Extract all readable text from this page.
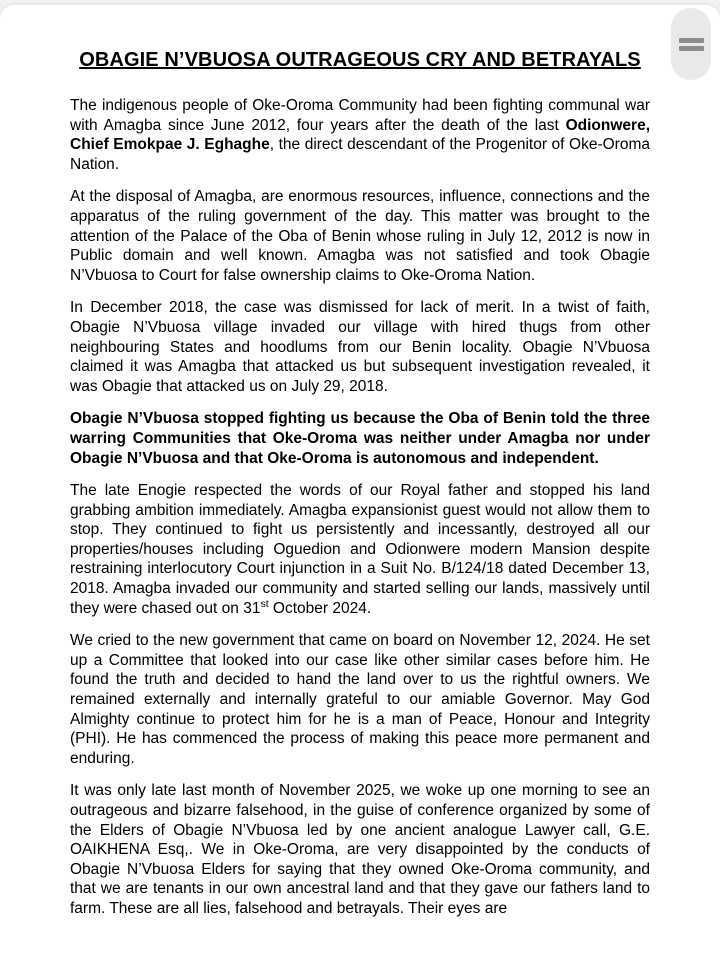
OBAGIE N’VBUOSA OUTRAGEOUS CRY AND BETRAYALS

The indigenous people of Oke-Oroma Community had been fighting communal war with Amagba since June 2012, four years after the death of the last Odionwere, Chief Emokpae J. Eghaghe, the direct descendant of the Progenitor of Oke-Oroma Nation.

At the disposal of Amagba, are enormous resources, influence, connections and the apparatus of the ruling government of the day. This matter was brought to the attention of the Palace of the Oba of Benin whose ruling in July 12, 2012 is now in Public domain and well known. Amagba was not satisfied and took Obagie N’Vbuosa to Court for false ownership claims to Oke-Oroma Nation.

In December 2018, the case was dismissed for lack of merit. In a twist of faith, Obagie N’Vbuosa village invaded our village with hired thugs from other neighbouring States and hoodlums from our Benin locality. Obagie N’Vbuosa claimed it was Amagba that attacked us but subsequent investigation revealed, it was Obagie that attacked us on July 29, 2018.

Obagie N’Vbuosa stopped fighting us because the Oba of Benin told the three warring Communities that Oke-Oroma was neither under Amagba nor under Obagie N’Vbuosa and that Oke-Oroma is autonomous and independent.

The late Enogie respected the words of our Royal father and stopped his land grabbing ambition immediately. Amagba expansionist guest would not allow them to stop. They continued to fight us persistently and incessantly, destroyed all our properties/houses including Oguedion and Odionwere modern Mansion despite restraining interlocutory Court injunction in a Suit No. B/124/18 dated December 13, 2018. Amagba invaded our community and started selling our lands, massively until they were chased out on 31st October 2024.

We cried to the new government that came on board on November 12, 2024. He set up a Committee that looked into our case like other similar cases before him. He found the truth and decided to hand the land over to us the rightful owners. We remained externally and internally grateful to our amiable Governor. May God Almighty continue to protect him for he is a man of Peace, Honour and Integrity (PHI). He has commenced the process of making this peace more permanent and enduring.

It was only late last month of November 2025, we woke up one morning to see an outrageous and bizarre falsehood, in the guise of conference organized by some of the Elders of Obagie N’Vbuosa led by one ancient analogue Lawyer call, G.E. OAIKHENA Esq,. We in Oke-Oroma, are very disappointed by the conducts of Obagie N’Vbuosa Elders for saying that they owned Oke-Oroma community, and that we are tenants in our own ancestral land and that they gave our fathers land to farm. These are all lies, falsehood and betrayals. Their eyes are
